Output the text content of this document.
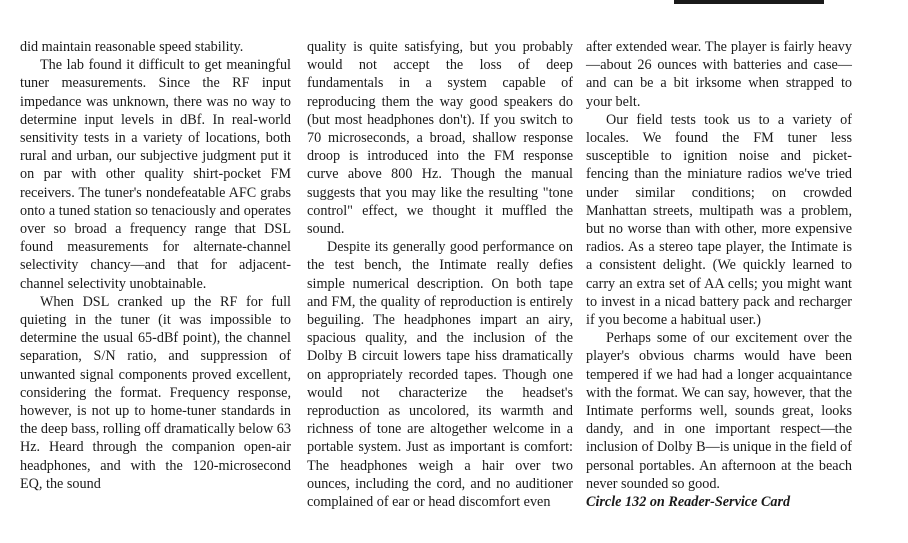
did maintain reasonable speed stability.

The lab found it difficult to get meaningful tuner measurements. Since the RF input impedance was unknown, there was no way to determine input levels in dBf. In real-world sensitivity tests in a variety of locations, both rural and urban, our subjective judgment put it on par with other quality shirt-pocket FM receivers. The tuner's nondefeatable AFC grabs onto a tuned station so tenaciously and operates over so broad a frequency range that DSL found measurements for alternate-channel selectivity chancy—and that for adjacent-channel selectivity unobtainable.

When DSL cranked up the RF for full quieting in the tuner (it was impossible to determine the usual 65-dBf point), the channel separation, S/N ratio, and suppression of unwanted signal components proved excellent, considering the format. Frequency response, however, is not up to home-tuner standards in the deep bass, rolling off dramatically below 63 Hz. Heard through the companion open-air headphones, and with the 120-microsecond EQ, the sound

quality is quite satisfying, but you probably would not accept the loss of deep fundamentals in a system capable of reproducing them the way good speakers do (but most headphones don't). If you switch to 70 microseconds, a broad, shallow response droop is introduced into the FM response curve above 800 Hz. Though the manual suggests that you may like the resulting "tone control" effect, we thought it muffled the sound.

Despite its generally good performance on the test bench, the Intimate really defies simple numerical description. On both tape and FM, the quality of reproduction is entirely beguiling. The headphones impart an airy, spacious quality, and the inclusion of the Dolby B circuit lowers tape hiss dramatically on appropriately recorded tapes. Though one would not characterize the headset's reproduction as uncolored, its warmth and richness of tone are altogether welcome in a portable system. Just as important is comfort: The headphones weigh a hair over two ounces, including the cord, and no auditioner complained of ear or head discomfort even

after extended wear. The player is fairly heavy—about 26 ounces with batteries and case—and can be a bit irksome when strapped to your belt.

Our field tests took us to a variety of locales. We found the FM tuner less susceptible to ignition noise and picket-fencing than the miniature radios we've tried under similar conditions; on crowded Manhattan streets, multipath was a problem, but no worse than with other, more expensive radios. As a stereo tape player, the Intimate is a consistent delight. (We quickly learned to carry an extra set of AA cells; you might want to invest in a nicad battery pack and recharger if you become a habitual user.)

Perhaps some of our excitement over the player's obvious charms would have been tempered if we had had a longer acquaintance with the format. We can say, however, that the Intimate performs well, sounds great, looks dandy, and in one important respect—the inclusion of Dolby B—is unique in the field of personal portables. An afternoon at the beach never sounded so good.

Circle 132 on Reader-Service Card
